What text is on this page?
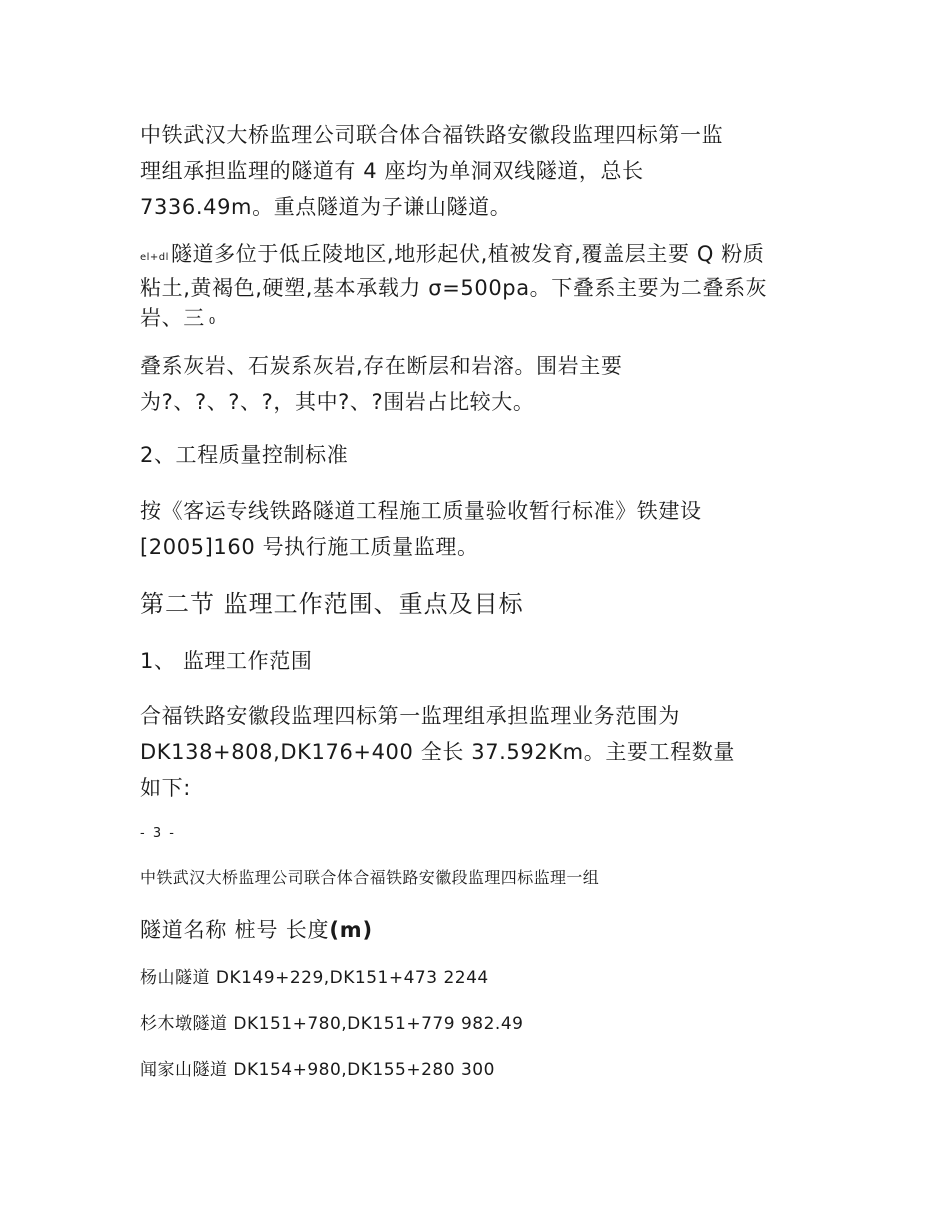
中铁武汉大桥监理公司联合体合福铁路安徽段监理四标第一监
理组承担监理的隧道有 4 座均为单洞双线隧道，总长
7336.49m。重点隧道为子谦山隧道。
el+dl隧道多位于低丘陵地区,地形起伏,植被发育,覆盖层主要 Q 粉质
粘土,黄褐色,硬塑,基本承载力 σ=500pa。下叠系主要为二叠系灰
岩、三 0
叠系灰岩、石炭系灰岩,存在断层和岩溶。围岩主要
为?、?、?、?，其中?、?围岩占比较大。
2、工程质量控制标准
按《客运专线铁路隧道工程施工质量验收暂行标准》铁建设
[2005]160 号执行施工质量监理。
第二节 监理工作范围、重点及目标
1、 监理工作范围
合福铁路安徽段监理四标第一监理组承担监理业务范围为
DK138+808,DK176+400 全长 37.592Km。主要工程数量
如下:
- 3 -
中铁武汉大桥监理公司联合体合福铁路安徽段监理四标监理一组
隧道名称 桩号 长度(m)
杨山隧道 DK149+229,DK151+473 2244
杉木墩隧道 DK151+780,DK151+779 982.49
闻家山隧道 DK154+980,DK155+280 300
